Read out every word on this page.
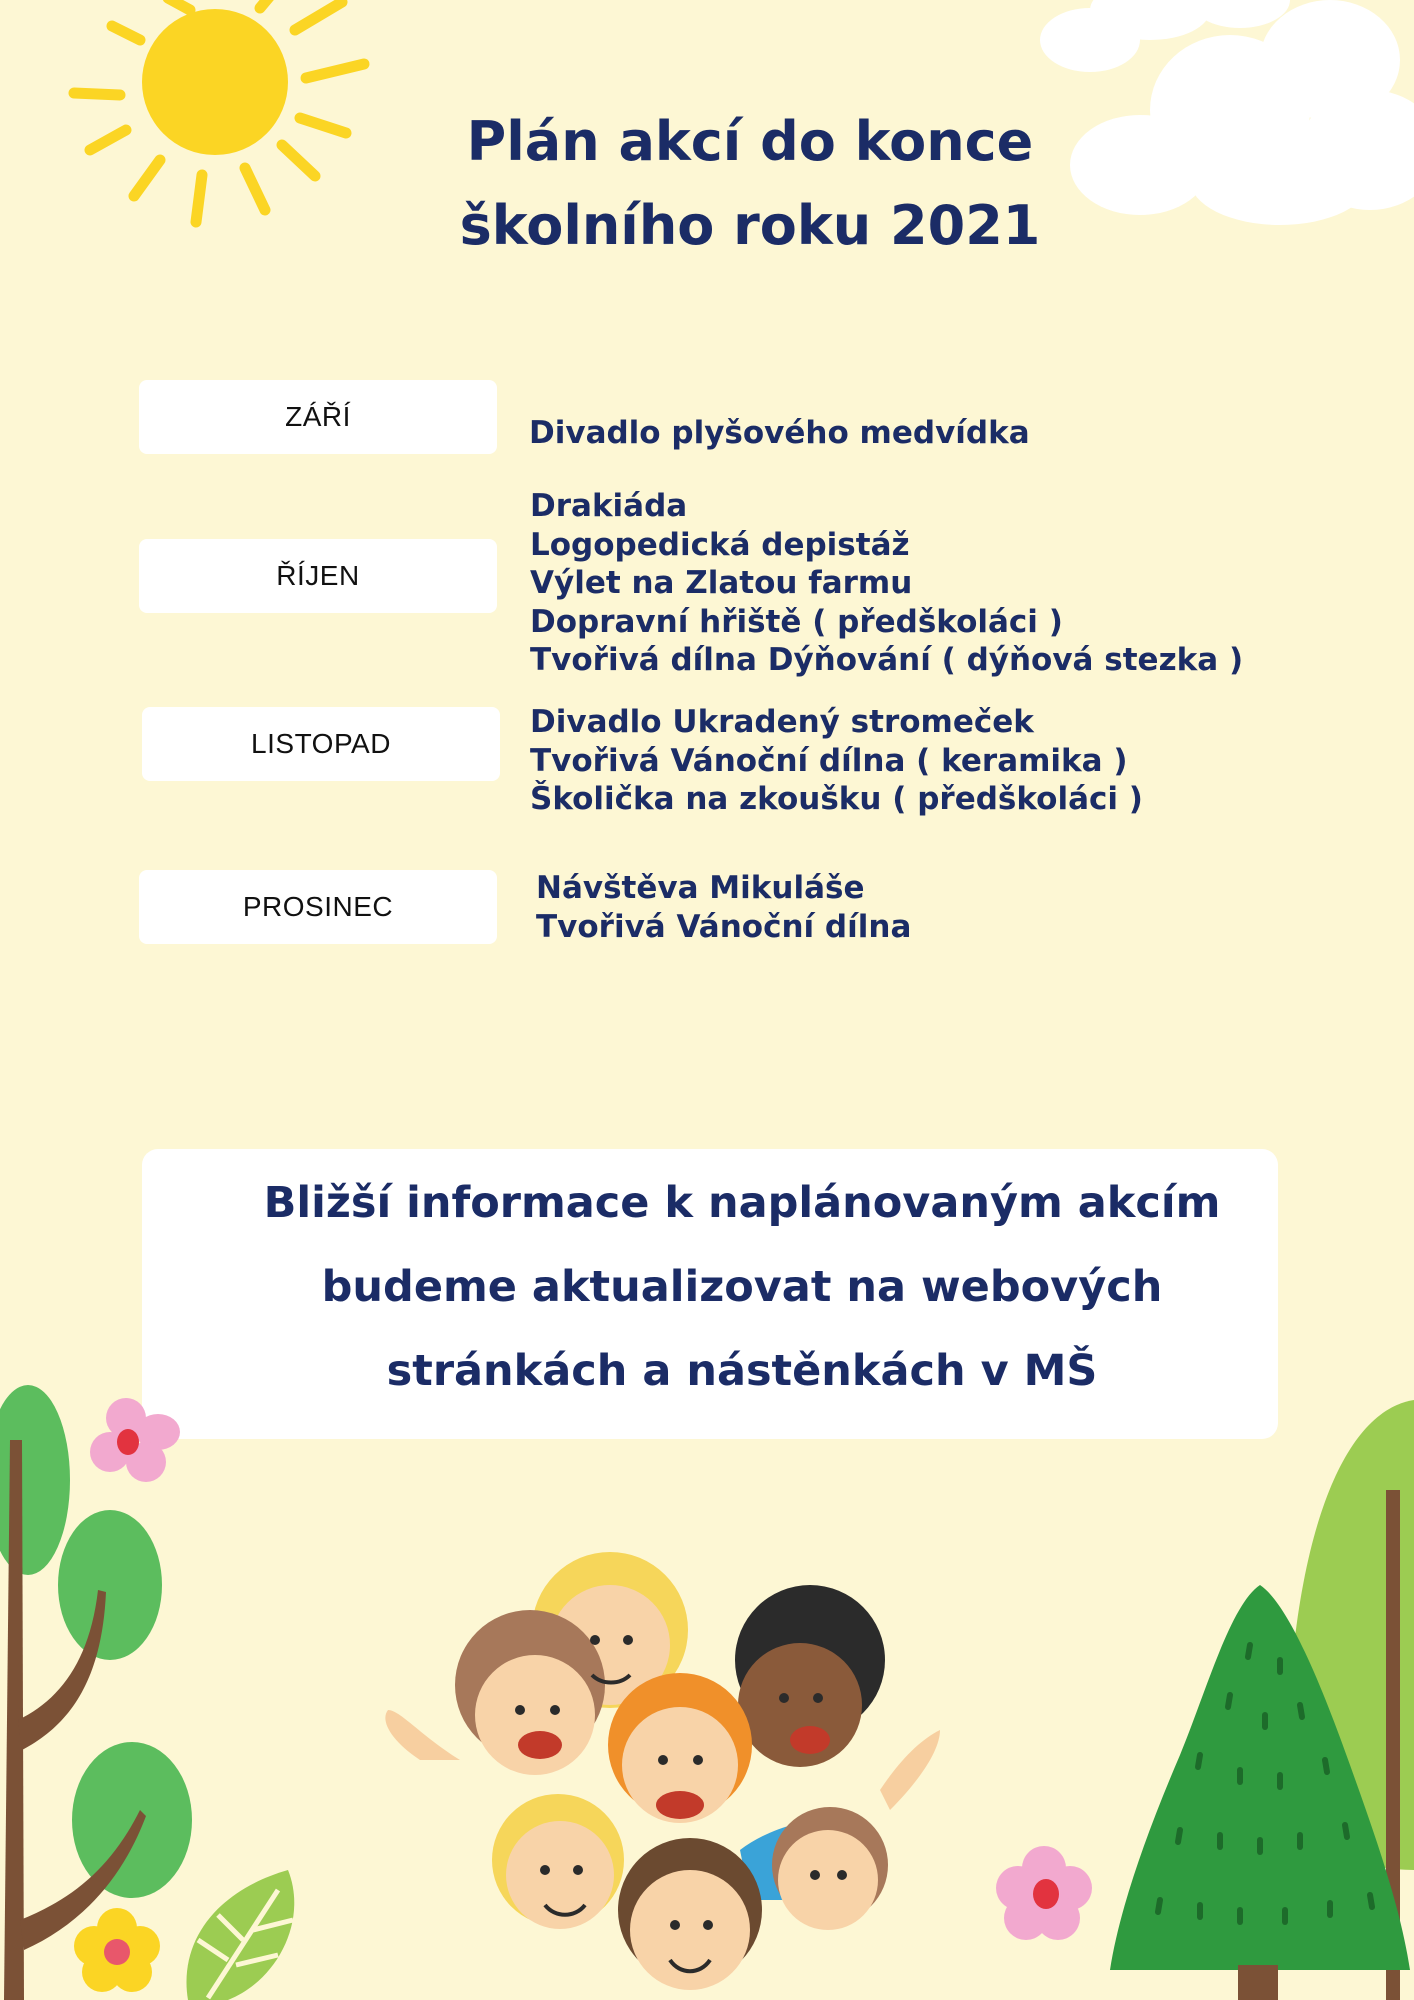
Plán akcí do konce
školního roku 2021
ZÁŘÍ
ŘÍJEN
LISTOPAD
PROSINEC
Divadlo plyšového medvídka
Drakiáda
Logopedická depistáž
Výlet na Zlatou farmu
Dopravní hřiště ( předškoláci )
Tvořivá dílna Dýňování ( dýňová stezka )
Divadlo Ukradený stromeček
Tvořivá Vánoční dílna ( keramika )
Školička na zkoušku ( předškoláci )
Návštěva Mikuláše
Tvořivá Vánoční dílna

Bližší informace k naplánovaným akcím
budeme aktualizovat na webových
stránkách a nástěnkách v MŠ
